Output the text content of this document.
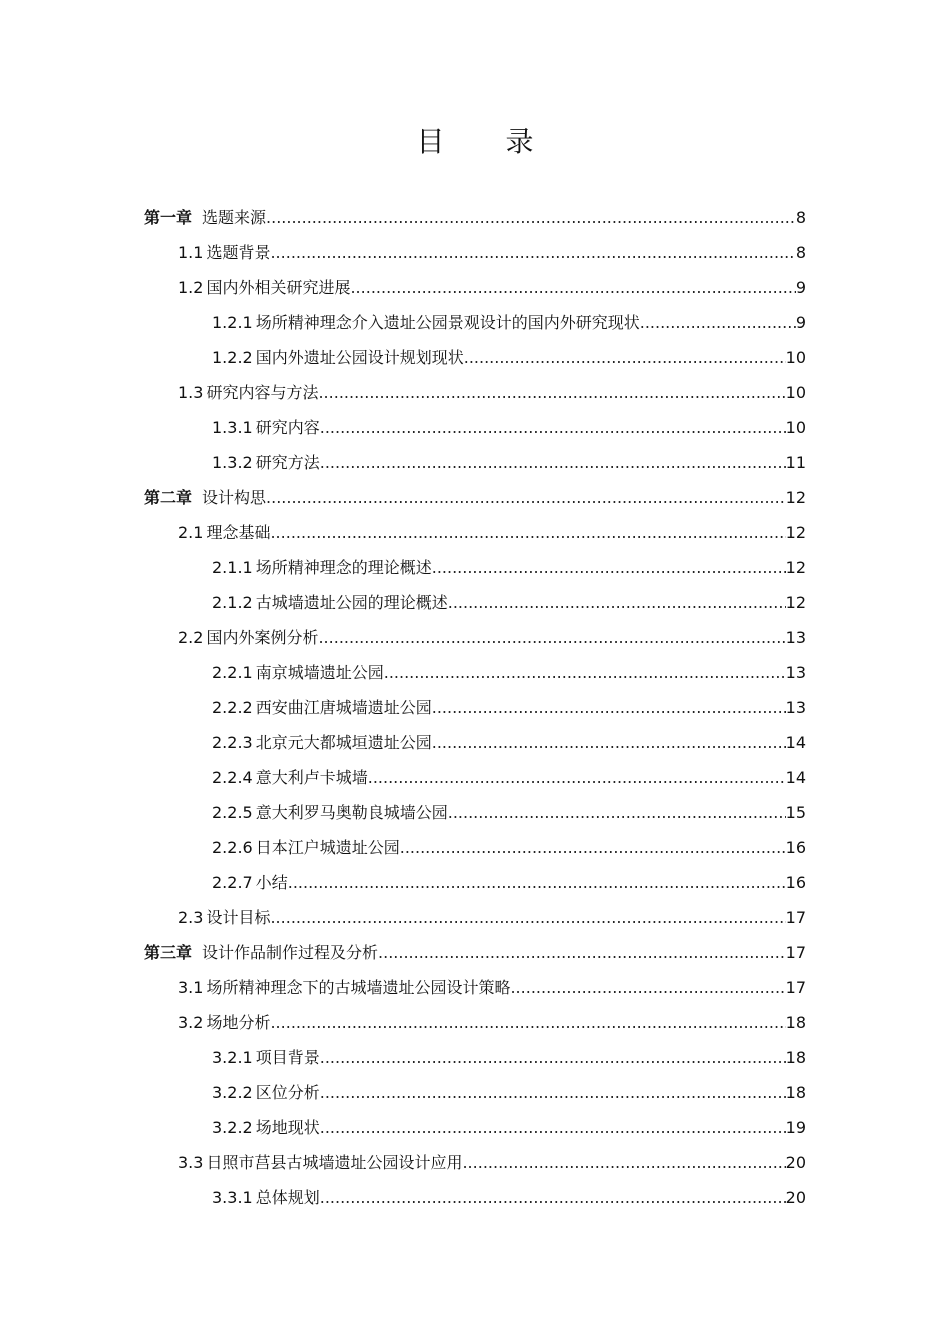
目 录
第一章 选题来源 .....	8
1.1 选题背景 .....	8
1.2 国内外相关研究进展 .....	9
1.2.1 场所精神理念介入遗址公园景观设计的国内外研究现状 .....	9
1.2.2 国内外遗址公园设计规划现状 .....	10
1.3 研究内容与方法 .....	10
1.3.1 研究内容 .....	10
1.3.2 研究方法 .....	11
第二章 设计构思 .....	12
2.1 理念基础 .....	12
2.1.1 场所精神理念的理论概述 .....	12
2.1.2 古城墙遗址公园的理论概述 .....	12
2.2 国内外案例分析 .....	13
2.2.1 南京城墙遗址公园 .....	13
2.2.2 西安曲江唐城墙遗址公园 .....	13
2.2.3 北京元大都城垣遗址公园 .....	14
2.2.4 意大利卢卡城墙 .....	14
2.2.5 意大利罗马奥勒良城墙公园 .....	15
2.2.6 日本江户城遗址公园 .....	16
2.2.7 小结 .....	16
2.3 设计目标 .....	17
第三章 设计作品制作过程及分析 .....	17
3.1 场所精神理念下的古城墙遗址公园设计策略 .....	17
3.2 场地分析 .....	18
3.2.1 项目背景 .....	18
3.2.2 区位分析 .....	18
3.2.2 场地现状 .....	19
3.3 日照市莒县古城墙遗址公园设计应用 .....	20
3.3.1 总体规划 .....	20
